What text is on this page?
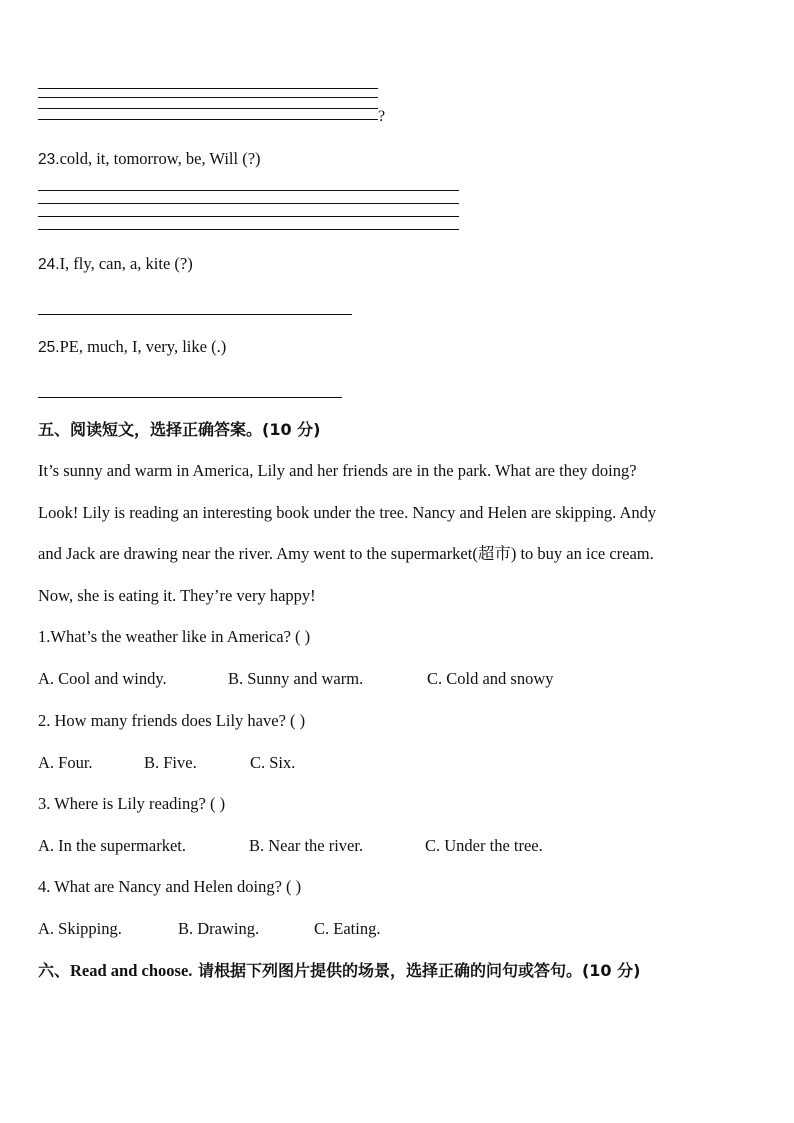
?
23.cold, it, tomorrow, be, Will (?)
24.I, fly, can, a, kite (?)
25.PE, much, I, very, like (.)
五、阅读短文，选择正确答案。(10 分)
It’s sunny and warm in America, Lily and her friends are in the park. What are they doing?
Look! Lily is reading an interesting book under the tree. Nancy and Helen are skipping. Andy
and Jack are drawing near the river. Amy went to the supermarket(超市) to buy an ice cream.
Now, she is eating it. They’re very happy!
1.What’s the weather like in America? ( )
A. Cool and windy.	B. Sunny and warm.	C. Cold and snowy
2. How many friends does Lily have? ( )
A. Four.	B. Five.	C. Six.
3. Where is Lily reading? ( )
A. In the supermarket.	B. Near the river.	C. Under the tree.
4. What are Nancy and Helen doing? ( )
A. Skipping.	B. Drawing.	C. Eating.
六、Read and choose. 请根据下列图片提供的场景，选择正确的问句或答句。(10 分)
